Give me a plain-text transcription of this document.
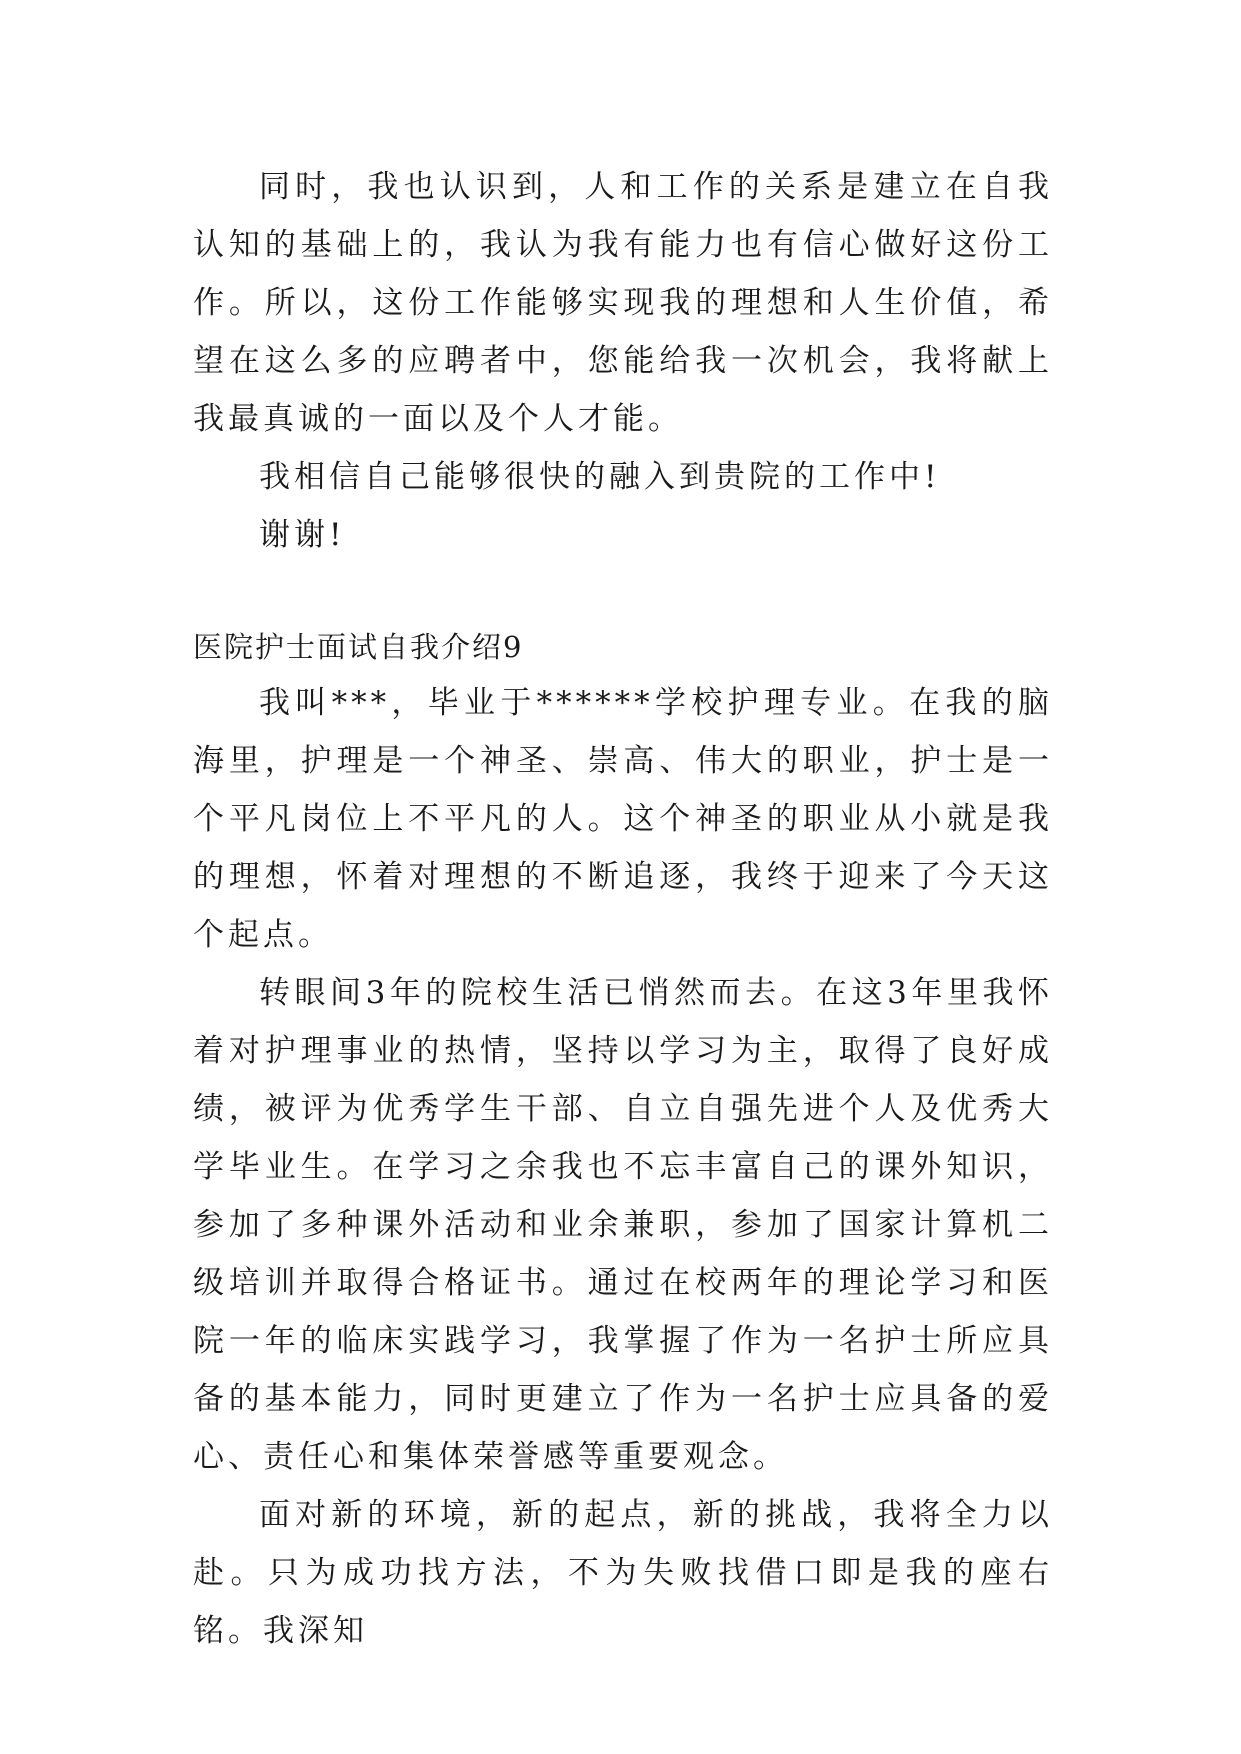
同时，我也认识到，人和工作的关系是建立在自我认知的基础上的，我认为我有能力也有信心做好这份工作。所以，这份工作能够实现我的理想和人生价值，希望在这么多的应聘者中，您能给我一次机会，我将献上我最真诚的一面以及个人才能。

我相信自己能够很快的融入到贵院的工作中!

谢谢!

医院护士面试自我介绍9

我叫***，毕业于******学校护理专业。在我的脑海里，护理是一个神圣、崇高、伟大的职业，护士是一个平凡岗位上不平凡的人。这个神圣的职业从小就是我的理想，怀着对理想的不断追逐，我终于迎来了今天这个起点。

转眼间3年的院校生活已悄然而去。在这3年里我怀着对护理事业的热情，坚持以学习为主，取得了良好成绩，被评为优秀学生干部、自立自强先进个人及优秀大学毕业生。在学习之余我也不忘丰富自己的课外知识，参加了多种课外活动和业余兼职，参加了国家计算机二级培训并取得合格证书。通过在校两年的理论学习和医院一年的临床实践学习，我掌握了作为一名护士所应具备的基本能力，同时更建立了作为一名护士应具备的爱心、责任心和集体荣誉感等重要观念。

面对新的环境，新的起点，新的挑战，我将全力以赴。只为成功找方法，不为失败找借口即是我的座右铭。我深知
